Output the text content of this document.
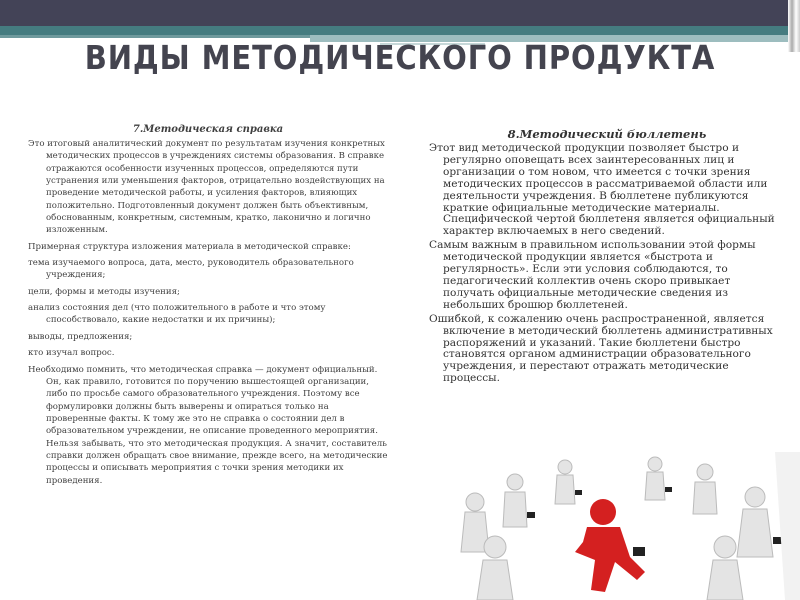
ВИДЫ МЕТОДИЧЕСКОГО ПРОДУКТА
7.Методическая справка

Это итоговый аналитический документ по результатам изучения конкретных методических процессов в учреждениях системы образования. В справке отражаются особенности изученных процессов, определяются пути устранения или уменьшения факторов, отрицательно воздействующих на проведение методической работы, и усиления факторов, влияющих положительно. Подготовленный документ должен быть объективным, обоснованным, конкретным, системным, кратко, лаконично и логично изложенным.

Примерная структура изложения материала в методической справке:

тема изучаемого вопроса, дата, место, руководитель образовательного учреждения;

цели, формы и методы изучения;

анализ состояния дел (что положительного в работе и что этому способствовало, какие недостатки и их причины);

выводы, предложения;

кто изучал вопрос.

Необходимо помнить, что методическая справка — документ официальный. Он, как правило, готовится по поручению вышестоящей организации, либо по просьбе самого образовательного учреждения. Поэтому все формулировки должны быть выверены и опираться только на проверенные факты. К тому же это не справка о состоянии дел в образовательном учреждении, не описание проведенного мероприятия. Нельзя забывать, что это методическая продукция. А значит, составитель справки должен обращать свое внимание, прежде всего, на методические процессы и описывать мероприятия с точки зрения методики их проведения.

8.Методический бюллетень

Этот вид методической продукции позволяет быстро и регулярно оповещать всех заинтересованных лиц и организации о том новом, что имеется с точки зрения методических процессов в рассматриваемой области или деятельности учреждения. В бюллетене публикуются краткие официальные методические материалы. Специфической чертой бюллетеня является официальный характер включаемых в него сведений.

Самым важным в правильном использовании этой формы методической продукции является «быстрота и регулярность». Если эти условия соблюдаются, то педагогический коллектив очень скоро привыкает получать официальные методические сведения из небольших брошюр бюллетеней.

Ошибкой, к сожалению очень распространенной, является включение в методический бюллетень административных распоряжений и указаний. Такие бюллетени быстро становятся органом администрации образовательного учреждения, и перестают отражать методические процессы.
